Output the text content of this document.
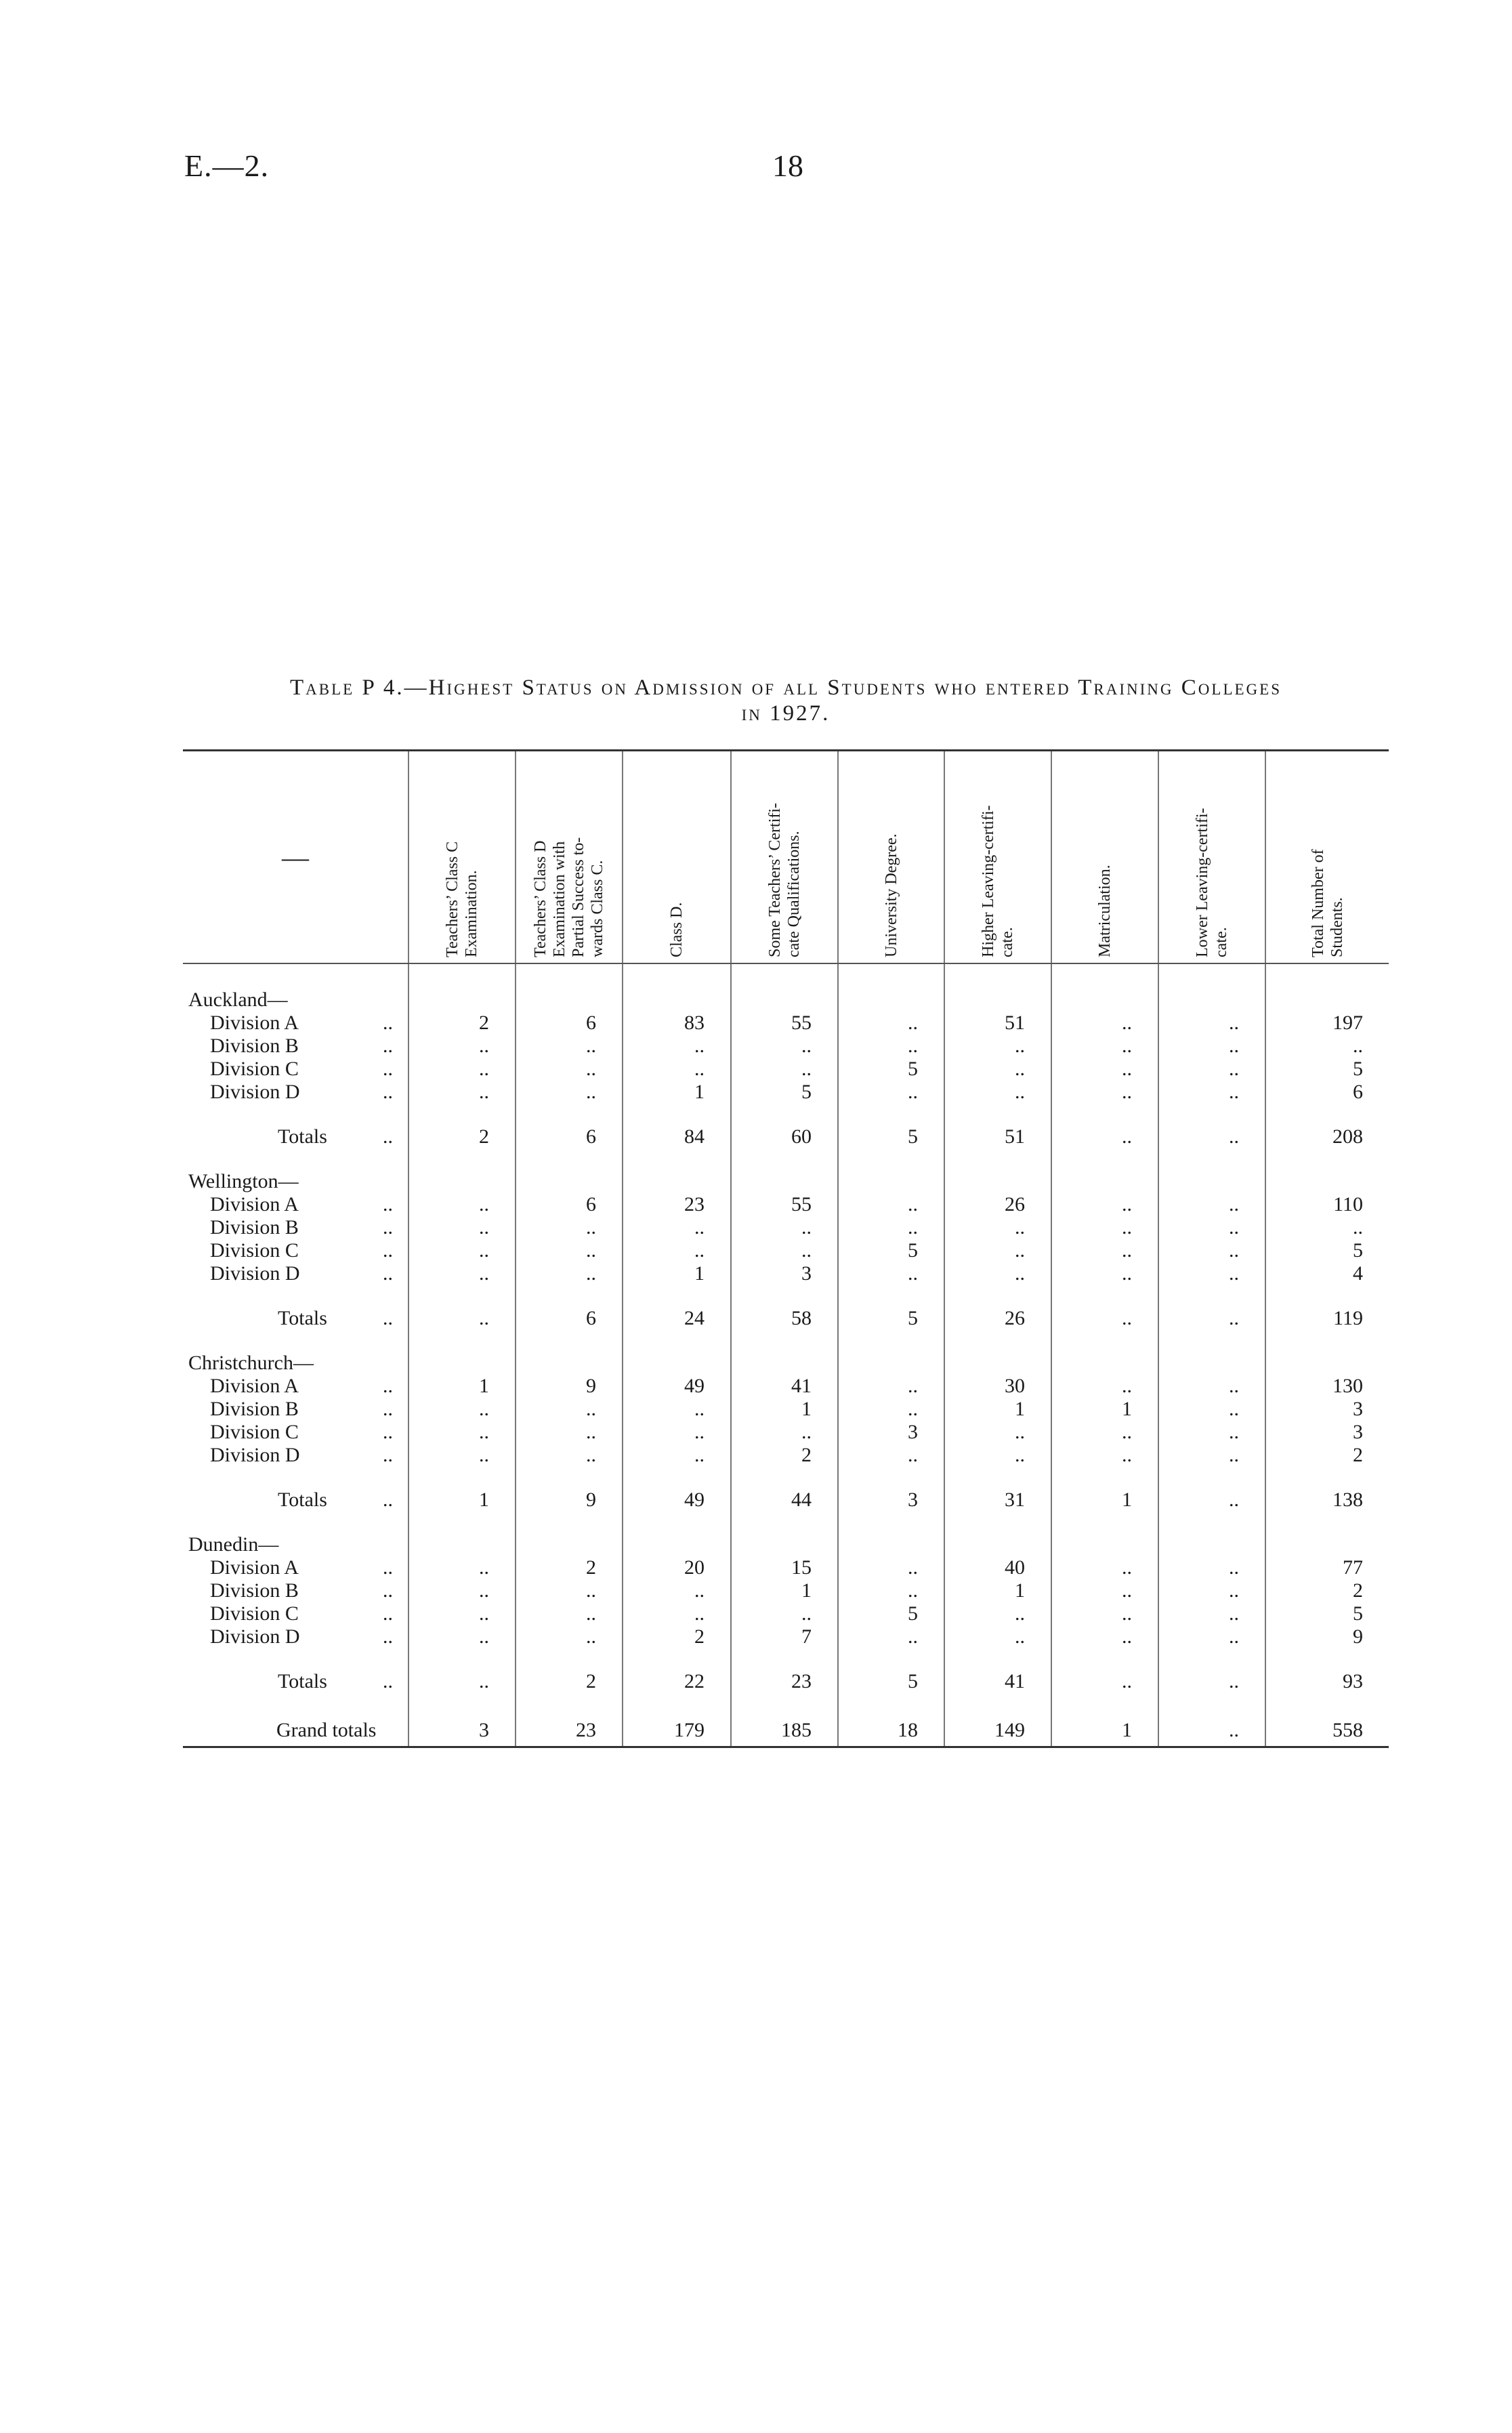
E.—2.	18
Table P 4.—Highest Status on Admission of all Students who entered Training Colleges
in 1927.
—	Teachers’ Class C
Examination.	Teachers’ Class D
Examination with
Partial Success to-
wards Class C.	Class D.	Some Teachers’ Certifi-
cate Qualifications.	University Degree.	Higher Leaving-certifi-
cate.	Matriculation.	Lower Leaving-certifi-
cate.	Total Number of
Students.

Auckland—									
Division A ..	2	6	83	55	..	51	..	..	197
Division B ..	..	..	..	..	..	..	..	..	..
Division C ..	..	..	..	..	5	..	..	..	5
Division D ..	..	..	1	5	..	..	..	..	6

Totals ..	2	6	84	60	5	51	..	..	208

Wellington—									
Division A ..	..	6	23	55	..	26	..	..	110
Division B ..	..	..	..	..	..	..	..	..	..
Division C ..	..	..	..	..	5	..	..	..	5
Division D ..	..	..	1	3	..	..	..	..	4

Totals ..	..	6	24	58	5	26	..	..	119

Christchurch—									
Division A ..	1	9	49	41	..	30	..	..	130
Division B ..	..	..	..	1	..	1	1	..	3
Division C ..	..	..	..	..	3	..	..	..	3
Division D ..	..	..	..	2	..	..	..	..	2

Totals ..	1	9	49	44	3	31	1	..	138

Dunedin—									
Division A ..	..	2	20	15	..	40	..	..	77
Division B ..	..	..	..	1	..	1	..	..	2
Division C ..	..	..	..	..	5	..	..	..	5
Division D ..	..	..	2	7	..	..	..	..	9

Totals ..	..	2	22	23	5	41	..	..	93

Grand totals	3	23	179	185	18	149	1	..	558
